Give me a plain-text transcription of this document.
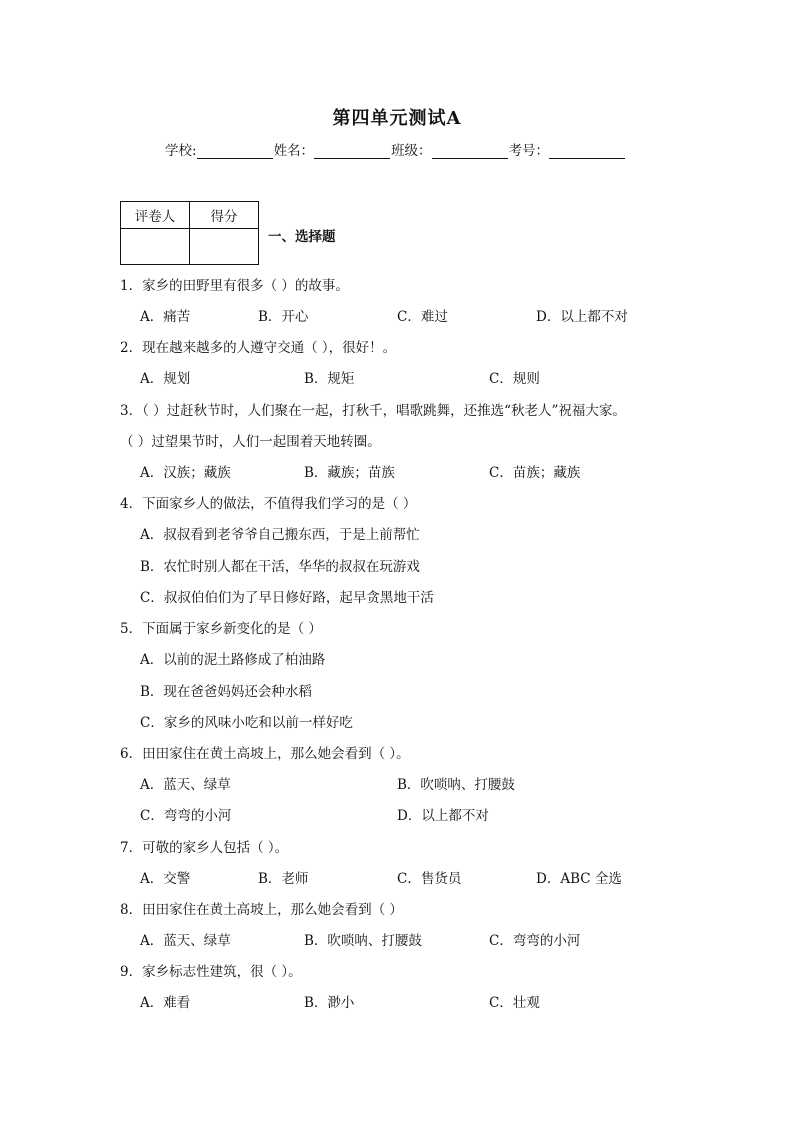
第四单元测试A
学校:	姓名：	班级：	考号：
评卷人	得分

一、选择题
1．家乡的田野里有很多（ ）的故事。
A．痛苦	B．开心	C．难过	D．以上都不对
2．现在越来越多的人遵守交通（ ），很好！。
A．规划	B．规矩	C．规则
3．（ ）过赶秋节时，人们聚在一起，打秋千，唱歌跳舞，还推选“秋老人”祝福大家。
（ ）过望果节时，人们一起围着天地转圈。
A．汉族；藏族	B．藏族；苗族	C．苗族；藏族
4．下面家乡人的做法，不值得我们学习的是（ ）
A．叔叔看到老爷爷自己搬东西，于是上前帮忙
B．农忙时别人都在干活，华华的叔叔在玩游戏
C．叔叔伯伯们为了早日修好路，起早贪黑地干活
5．下面属于家乡新变化的是（ ）
A．以前的泥土路修成了柏油路
B．现在爸爸妈妈还会种水稻
C．家乡的风味小吃和以前一样好吃
6．田田家住在黄土高坡上，那么她会看到（ ）。
A．蓝天、绿草	B．吹唢呐、打腰鼓
C．弯弯的小河	D．以上都不对
7．可敬的家乡人包括（ ）。
A．交警	B．老师	C．售货员	D．ABC 全选
8．田田家住在黄土高坡上，那么她会看到（ ）
A．蓝天、绿草	B．吹唢呐、打腰鼓	C．弯弯的小河
9．家乡标志性建筑，很（ ）。
A．难看	B．渺小	C．壮观
